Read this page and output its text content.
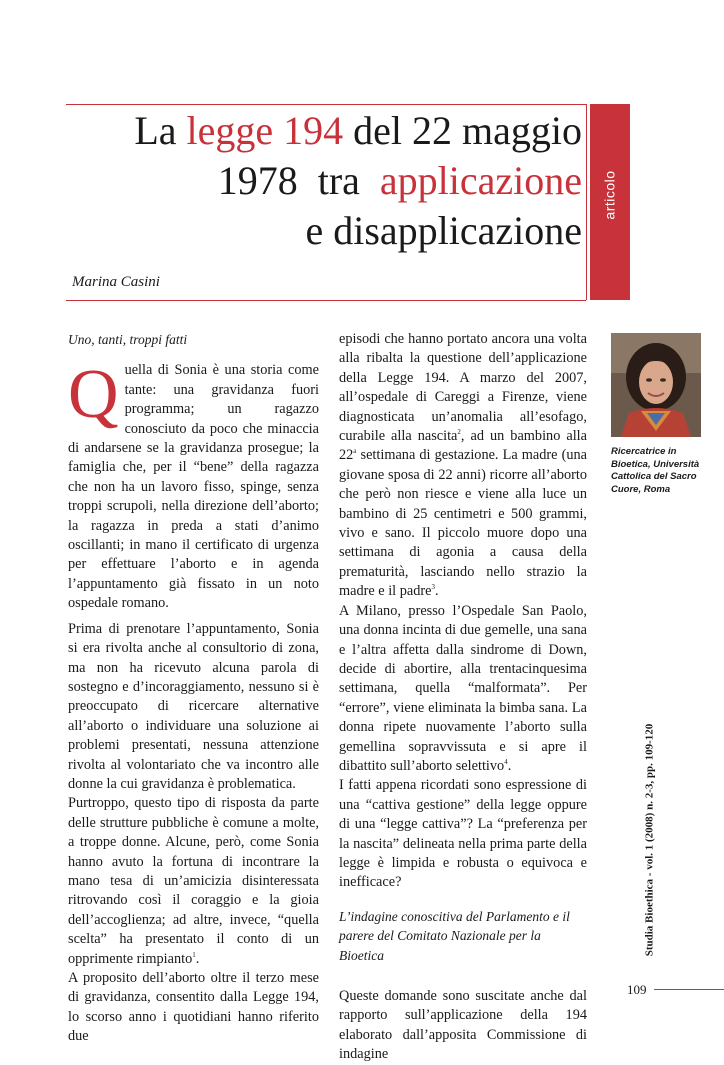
articolo
La legge 194 del 22 maggio
1978  tra  applicazione
e disapplicazione
Marina Casini

Uno, tanti, troppi fatti

Quella di Sonia è una storia come tante: una gravidanza fuori programma; un ragazzo conosciuto da poco che minaccia di andarsene se la gravidanza prosegue; la famiglia che, per il “bene” della ragazza che non ha un lavoro fisso, spinge, senza troppi scrupoli, nella direzione dell’aborto; la ragazza in preda a stati d’animo oscillanti; in mano il certificato di urgenza per effettuare l’aborto e in agenda l’appuntamento già fissato in un noto ospedale romano.

Prima di prenotare l’appuntamento, Sonia si era rivolta anche al consultorio di zona, ma non ha ricevuto alcuna parola di sostegno e d’incoraggiamento, nessuno si è preoccupato di ricercare alternative all’aborto o individuare una soluzione ai problemi presentati, nessuna attenzione rivolta al volontariato che va incontro alle donne la cui gravidanza è problematica.

Purtroppo, questo tipo di risposta da parte delle strutture pubbliche è comune a molte, a troppe donne. Alcune, però, come Sonia hanno avuto la fortuna di incontrare la mano tesa di un’amicizia disinteressata ritrovando così il coraggio e la gioia dell’accoglienza; ad altre, invece, “quella scelta” ha presentato il conto di un opprimente rimpianto$^1$.

A proposito dell’aborto oltre il terzo mese di gravidanza, consentito dalla Legge 194, lo scorso anno i quotidiani hanno riferito due

episodi che hanno portato ancora una volta alla ribalta la questione dell’applicazione della Legge 194. A marzo del 2007, all’ospedale di Careggi a Firenze, viene diagnosticata un’anomalia all’esofago, curabile alla nascita$^2$, ad un bambino alla 22$^a$ settimana di gestazione. La madre (una giovane sposa di 22 anni) ricorre all’aborto che però non riesce e viene alla luce un bambino di 25 centimetri e 500 grammi, vivo e sano. Il piccolo muore dopo una settimana di agonia a causa della prematurità, lasciando nello strazio la madre e il padre$^3$.

A Milano, presso l’Ospedale San Paolo, una donna incinta di due gemelle, una sana e l’altra affetta dalla sindrome di Down, decide di abortire, alla trentacinquesima settimana, quella “malformata”. Per “errore”, viene eliminata la bimba sana. La donna ripete nuovamente l’aborto sulla gemellina sopravvissuta e si apre il dibattito sull’aborto selettivo$^4$.

I fatti appena ricordati sono espressione di una “cattiva gestione” della legge oppure di una “legge cattiva”? La “preferenza per la nascita” delineata nella prima parte della legge è limpida e robusta o equivoca e inefficace?

L’indagine conoscitiva del Parlamento e il parere del Comitato Nazionale per la Bioetica

Queste domande sono suscitate anche dal rapporto sull’applicazione della 194 elaborato dall’apposita Commissione di indagine

Ricercatrice in Bioetica, Università Cattolica del Sacro Cuore, Roma
Studia Bioethica - vol. 1 (2008) n. 2-3, pp. 109-120
109
